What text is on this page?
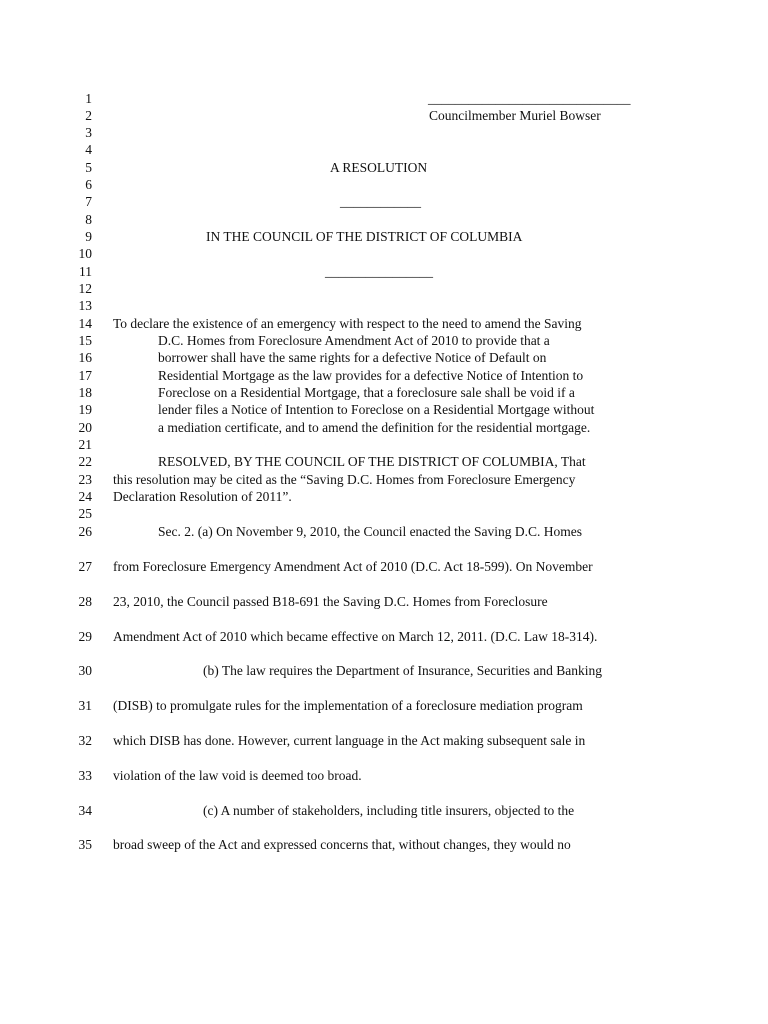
1
2
3
4
5
6
7
8
9
10
11
12
13
14
15
16
17
18
19
20
21
22
23
24
25
26
27
28
29
30
31
32
33
34
35
______________________________
Councilmember Muriel Bowser
A RESOLUTION
____________
IN THE COUNCIL OF THE DISTRICT OF COLUMBIA
________________
To declare the existence of an emergency with respect to the need to amend the Saving
D.C. Homes from Foreclosure Amendment Act of 2010 to provide that a
borrower shall have the same rights for a defective Notice of Default on
Residential Mortgage as the law provides for a defective Notice of Intention to
Foreclose on a Residential Mortgage, that a foreclosure sale shall be void if a
lender files a Notice of Intention to Foreclose on a Residential Mortgage without
a mediation certificate, and to amend the definition for the residential mortgage.
RESOLVED, BY THE COUNCIL OF THE DISTRICT OF COLUMBIA, That
this resolution may be cited as the “Saving D.C. Homes from Foreclosure Emergency
Declaration Resolution of 2011”.
Sec. 2. (a) On November 9, 2010, the Council enacted the Saving D.C. Homes
from Foreclosure Emergency Amendment Act of 2010 (D.C. Act 18-599). On November
23, 2010, the Council passed B18-691 the Saving D.C. Homes from Foreclosure
Amendment Act of 2010 which became effective on March 12, 2011. (D.C. Law 18-314).
(b) The law requires the Department of Insurance, Securities and Banking
(DISB) to promulgate rules for the implementation of a foreclosure mediation program
which DISB has done. However, current language in the Act making subsequent sale in
violation of the law void is deemed too broad.
(c) A number of stakeholders, including title insurers, objected to the
broad sweep of the Act and expressed concerns that, without changes, they would no
